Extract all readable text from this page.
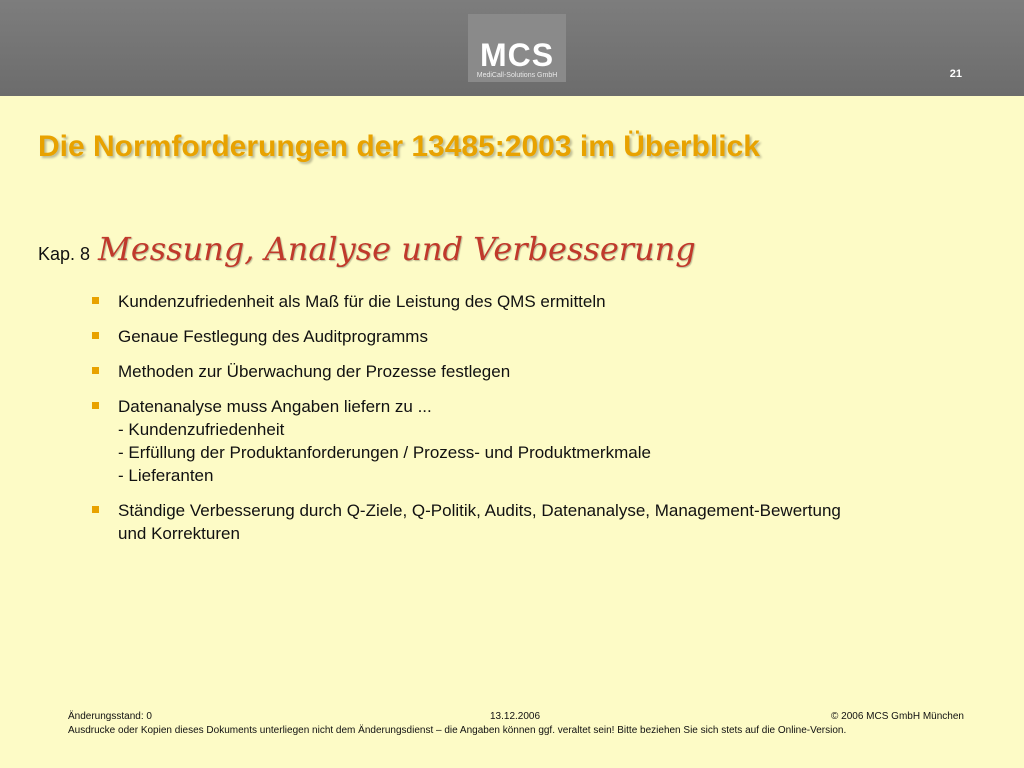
MCS
MediCall-Solutions GmbH	21
Die Normforderungen der 13485:2003 im Überblick
Kap. 8 Messung, Analyse und Verbesserung
Kundenzufriedenheit als Maß für die Leistung des QMS ermitteln
Genaue Festlegung des Auditprogramms
Methoden zur Überwachung der Prozesse festlegen
Datenanalyse muss Angaben liefern zu ...
- Kundenzufriedenheit
- Erfüllung der Produktanforderungen / Prozess- und Produktmerkmale
- Lieferanten
Ständige Verbesserung durch Q-Ziele, Q-Politik, Audits, Datenanalyse, Management-Bewertung
und Korrekturen
Änderungsstand: 0	13.12.2006	© 2006 MCS GmbH München
Ausdrucke oder Kopien dieses Dokuments unterliegen nicht dem Änderungsdienst – die Angaben können ggf. veraltet sein! Bitte beziehen Sie sich stets auf die Online-Version.
